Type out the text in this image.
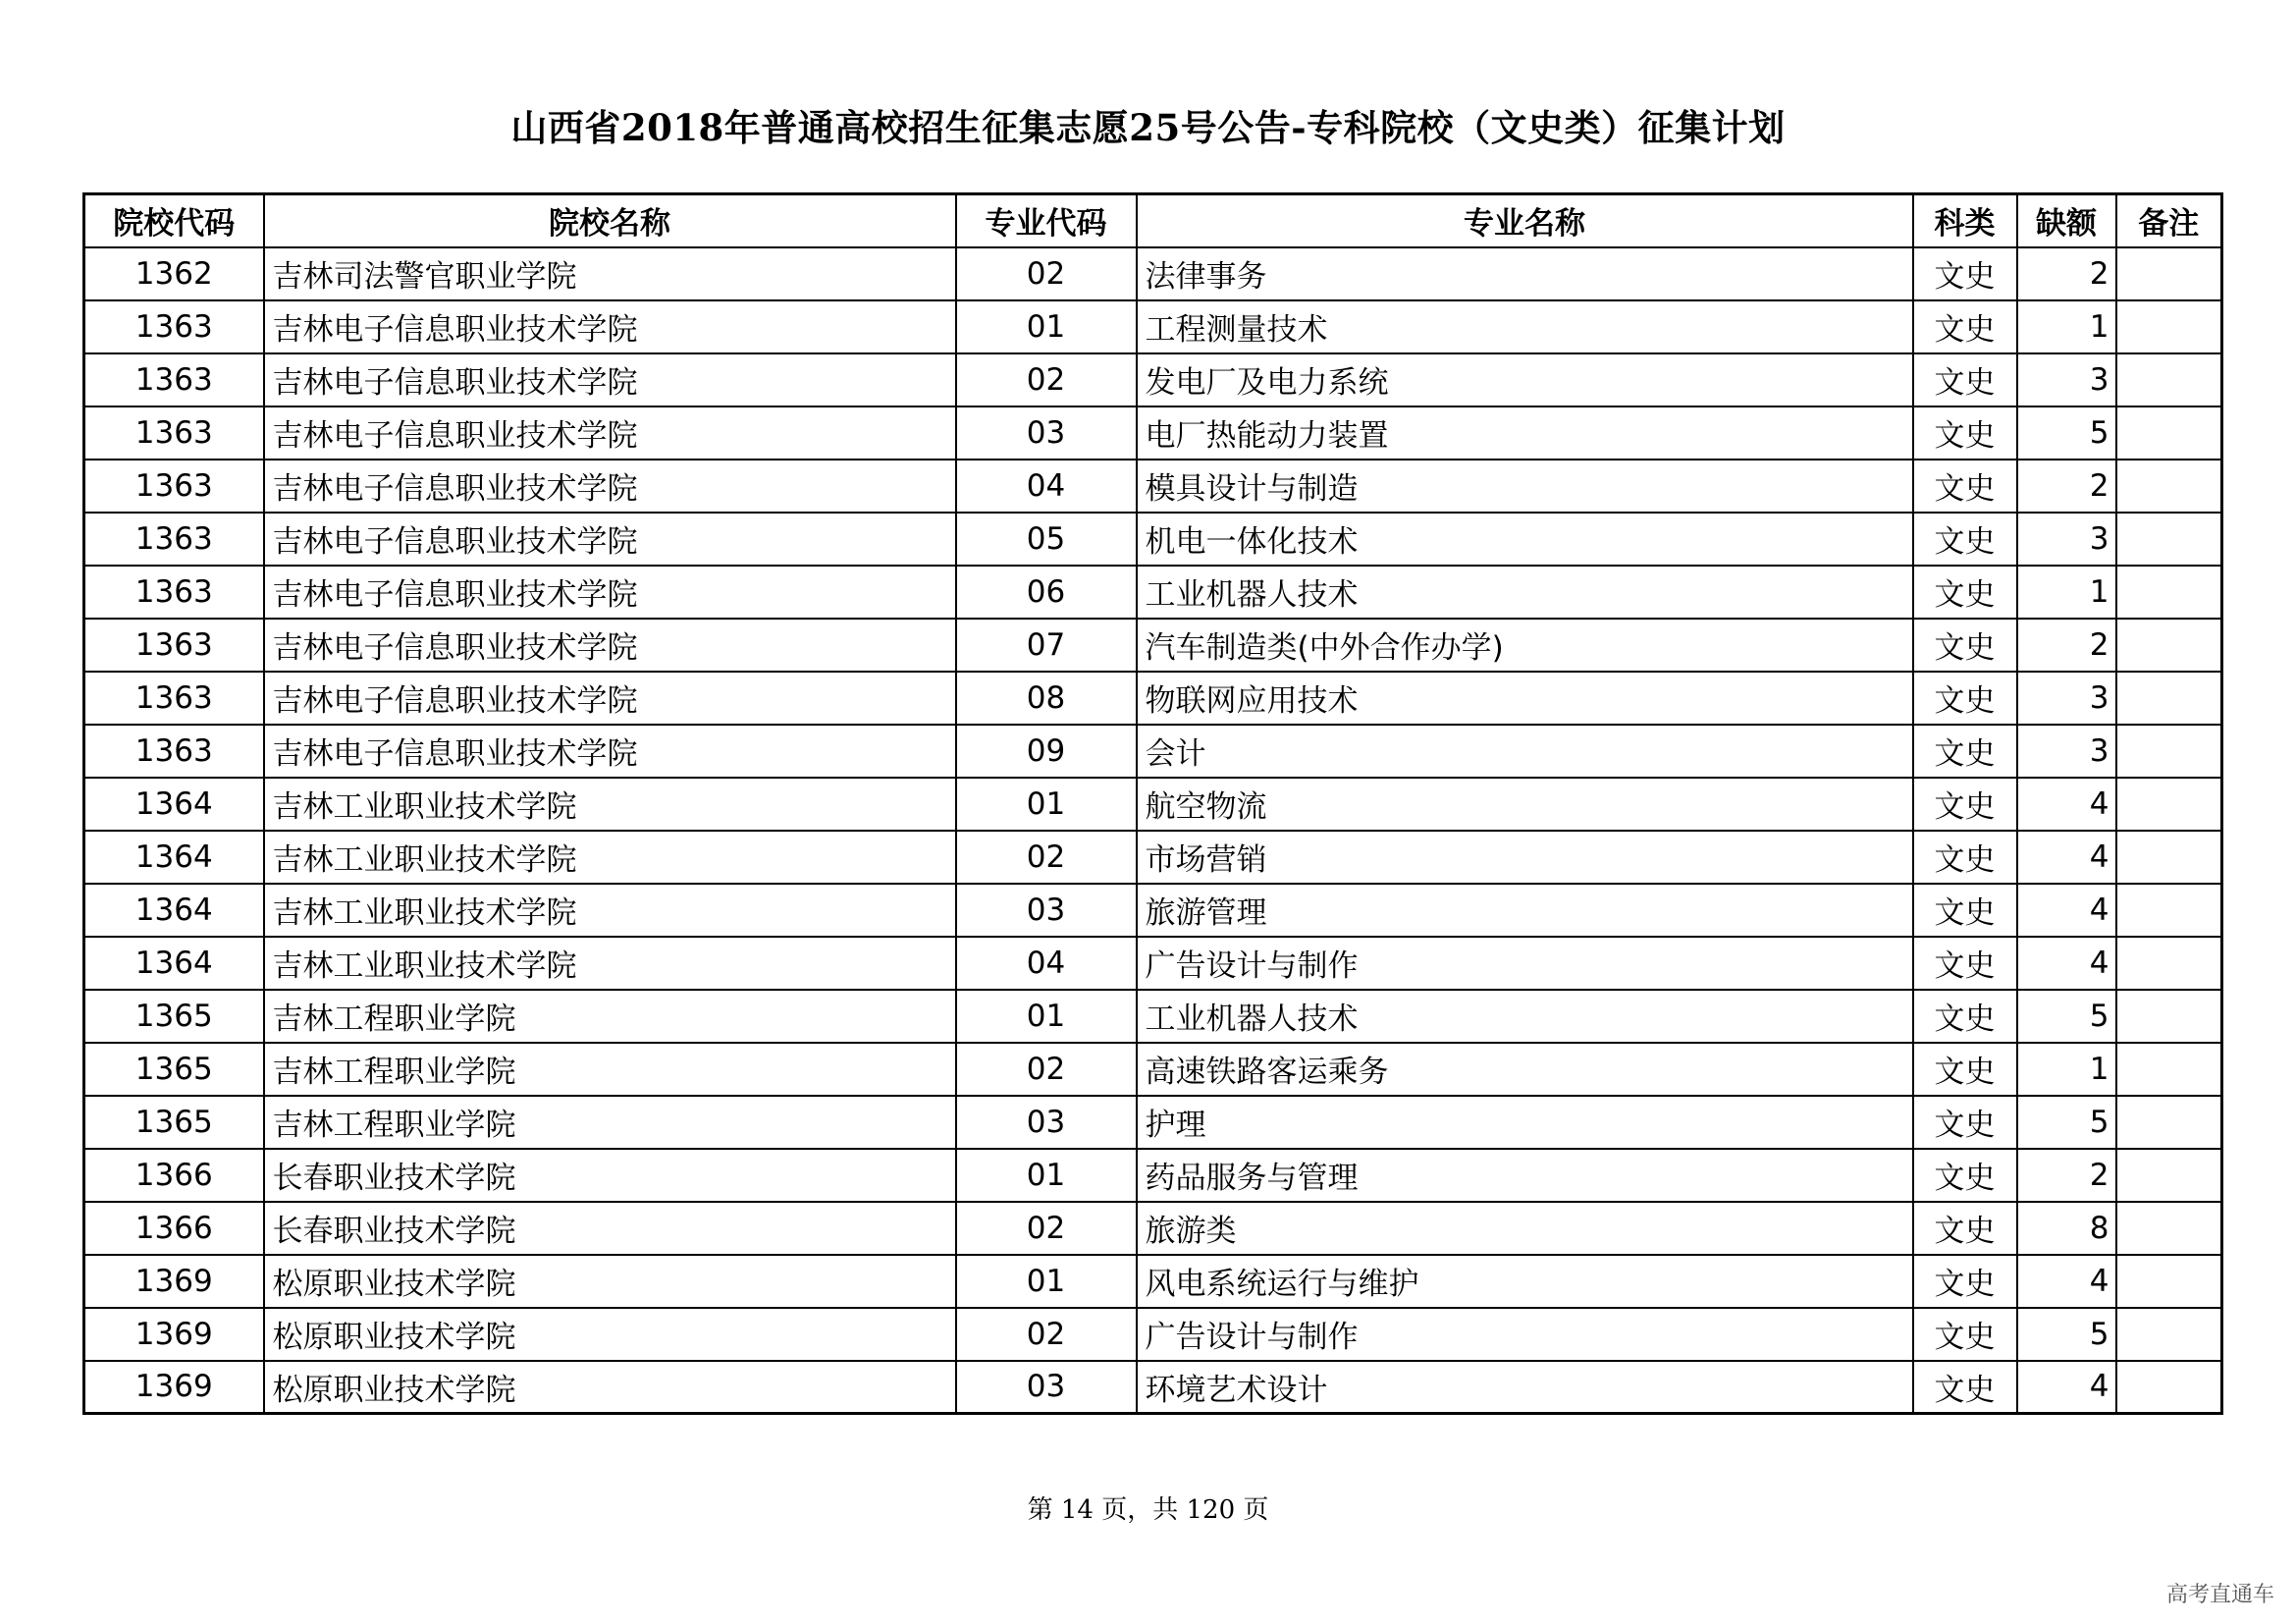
山西省2018年普通高校招生征集志愿25号公告-专科院校（文史类）征集计划
院校代码	院校名称	专业代码	专业名称	科类	缺额	备注
1362	吉林司法警官职业学院	02	法律事务	文史	2	
1363	吉林电子信息职业技术学院	01	工程测量技术	文史	1	
1363	吉林电子信息职业技术学院	02	发电厂及电力系统	文史	3	
1363	吉林电子信息职业技术学院	03	电厂热能动力装置	文史	5	
1363	吉林电子信息职业技术学院	04	模具设计与制造	文史	2	
1363	吉林电子信息职业技术学院	05	机电一体化技术	文史	3	
1363	吉林电子信息职业技术学院	06	工业机器人技术	文史	1	
1363	吉林电子信息职业技术学院	07	汽车制造类(中外合作办学)	文史	2	
1363	吉林电子信息职业技术学院	08	物联网应用技术	文史	3	
1363	吉林电子信息职业技术学院	09	会计	文史	3	
1364	吉林工业职业技术学院	01	航空物流	文史	4	
1364	吉林工业职业技术学院	02	市场营销	文史	4	
1364	吉林工业职业技术学院	03	旅游管理	文史	4	
1364	吉林工业职业技术学院	04	广告设计与制作	文史	4	
1365	吉林工程职业学院	01	工业机器人技术	文史	5	
1365	吉林工程职业学院	02	高速铁路客运乘务	文史	1	
1365	吉林工程职业学院	03	护理	文史	5	
1366	长春职业技术学院	01	药品服务与管理	文史	2	
1366	长春职业技术学院	02	旅游类	文史	8	
1369	松原职业技术学院	01	风电系统运行与维护	文史	4	
1369	松原职业技术学院	02	广告设计与制作	文史	5	
1369	松原职业技术学院	03	环境艺术设计	文史	4	
第 14 页，共 120 页
高考直通车
